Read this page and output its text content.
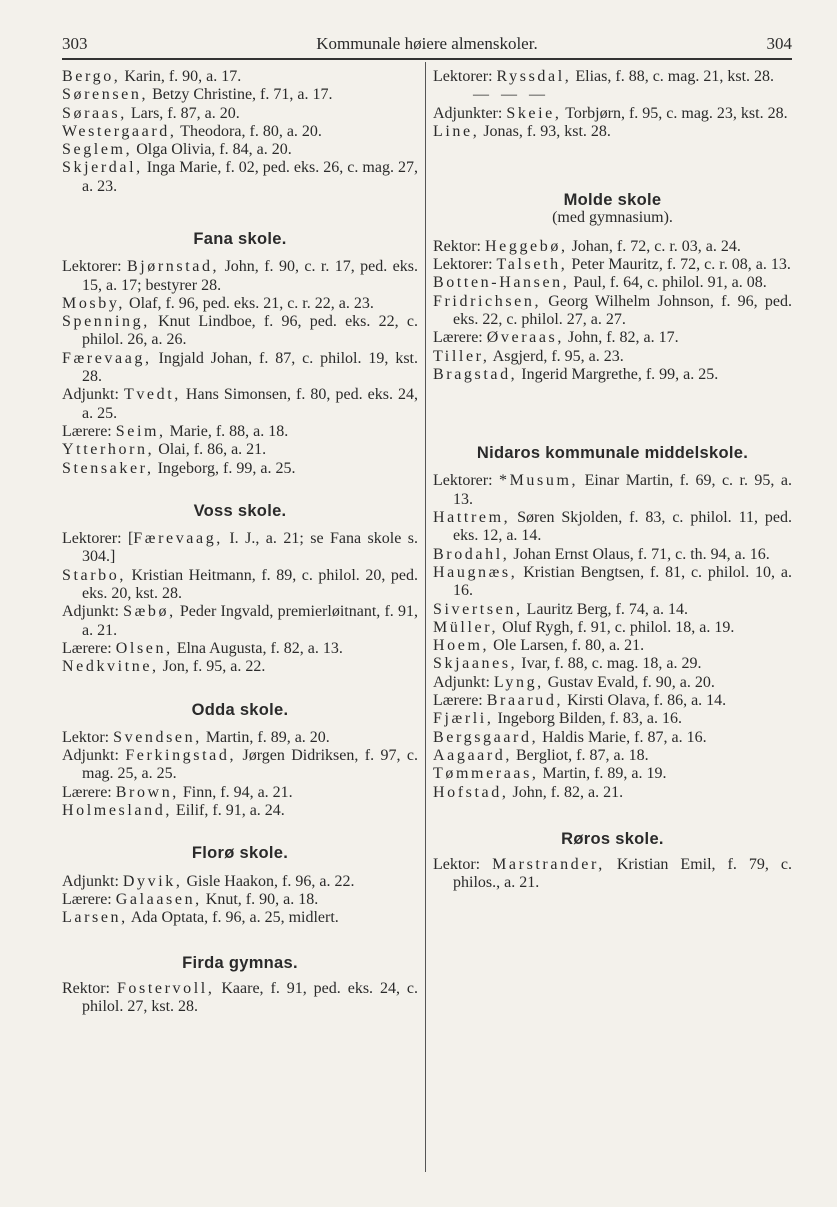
303	Kommunale høiere almenskoler.	304

Bergo, Karin, f. 90, a. 17.

Sørensen, Betzy Christine, f. 71, a. 17.

Søraas, Lars, f. 87, a. 20.

Westergaard, Theodora, f. 80, a. 20.

Seglem, Olga Olivia, f. 84, a. 20.

Skjerdal, Inga Marie, f. 02, ped. eks. 26, c. mag. 27, a. 23.

Fana skole.

Lektorer: Bjørnstad, John, f. 90, c. r. 17, ped. eks. 15, a. 17; bestyrer 28.

Mosby, Olaf, f. 96, ped. eks. 21, c. r. 22, a. 23.

Spenning, Knut Lindboe, f. 96, ped. eks. 22, c. philol. 26, a. 26.

Færevaag, Ingjald Johan, f. 87, c. philol. 19, kst. 28.

Adjunkt: Tvedt, Hans Simonsen, f. 80, ped. eks. 24, a. 25.

Lærere: Seim, Marie, f. 88, a. 18.

Ytterhorn, Olai, f. 86, a. 21.

Stensaker, Ingeborg, f. 99, a. 25.

Voss skole.

Lektorer: [Færevaag, I. J., a. 21; se Fana skole s. 304.]

Starbo, Kristian Heitmann, f. 89, c. philol. 20, ped. eks. 20, kst. 28.

Adjunkt: Sæbø, Peder Ingvald, premierløitnant, f. 91, a. 21.

Lærere: Olsen, Elna Augusta, f. 82, a. 13.

Nedkvitne, Jon, f. 95, a. 22.

Odda skole.

Lektor: Svendsen, Martin, f. 89, a. 20.

Adjunkt: Ferkingstad, Jørgen Didriksen, f. 97, c. mag. 25, a. 25.

Lærere: Brown, Finn, f. 94, a. 21.

Holmesland, Eilif, f. 91, a. 24.

Florø skole.

Adjunkt: Dyvik, Gisle Haakon, f. 96, a. 22.

Lærere: Galaasen, Knut, f. 90, a. 18.

Larsen, Ada Optata, f. 96, a. 25, midlert.

Firda gymnas.

Rektor: Fostervoll, Kaare, f. 91, ped. eks. 24, c. philol. 27, kst. 28.

Lektorer: Ryssdal, Elias, f. 88, c. mag. 21, kst. 28.

— — —

Adjunkter: Skeie, Torbjørn, f. 95, c. mag. 23, kst. 28.

Line, Jonas, f. 93, kst. 28.

Molde skole

(med gymnasium).

Rektor: Heggebø, Johan, f. 72, c. r. 03, a. 24.

Lektorer: Talseth, Peter Mauritz, f. 72, c. r. 08, a. 13.

Botten-Hansen, Paul, f. 64, c. philol. 91, a. 08.

Fridrichsen, Georg Wilhelm Johnson, f. 96, ped. eks. 22, c. philol. 27, a. 27.

Lærere: Øveraas, John, f. 82, a. 17.

Tiller, Asgjerd, f. 95, a. 23.

Bragstad, Ingerid Margrethe, f. 99, a. 25.

Nidaros kommunale middelskole.

Lektorer: *Musum, Einar Martin, f. 69, c. r. 95, a. 13.

Hattrem, Søren Skjolden, f. 83, c. philol. 11, ped. eks. 12, a. 14.

Brodahl, Johan Ernst Olaus, f. 71, c. th. 94, a. 16.

Haugnæs, Kristian Bengtsen, f. 81, c. philol. 10, a. 16.

Sivertsen, Lauritz Berg, f. 74, a. 14.

Müller, Oluf Rygh, f. 91, c. philol. 18, a. 19.

Hoem, Ole Larsen, f. 80, a. 21.

Skjaanes, Ivar, f. 88, c. mag. 18, a. 29.

Adjunkt: Lyng, Gustav Evald, f. 90, a. 20.

Lærere: Braarud, Kirsti Olava, f. 86, a. 14.

Fjærli, Ingeborg Bilden, f. 83, a. 16.

Bergsgaard, Haldis Marie, f. 87, a. 16.

Aagaard, Bergliot, f. 87, a. 18.

Tømmeraas, Martin, f. 89, a. 19.

Hofstad, John, f. 82, a. 21.

Røros skole.

Lektor: Marstrander, Kristian Emil, f. 79, c. philos., a. 21.
